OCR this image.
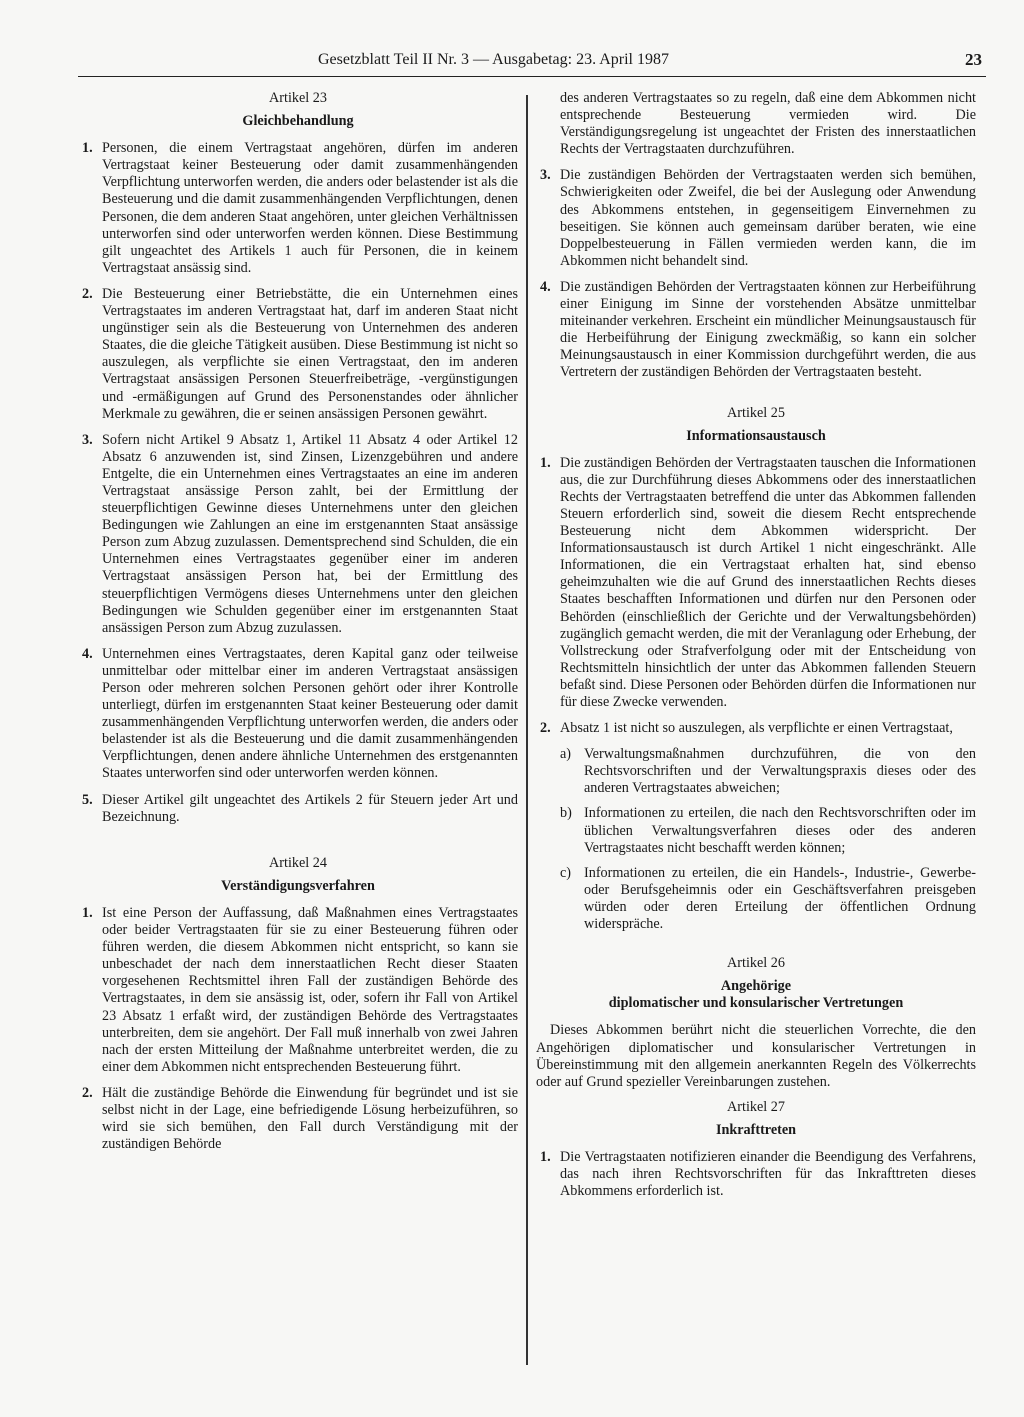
Gesetzblatt Teil II Nr. 3 — Ausgabetag: 23. April 1987	23
Artikel 23
Gleichbehandlung
1. Personen, die einem Vertragstaat angehören, dürfen im anderen Vertragstaat keiner Besteuerung oder damit zusammenhängenden Verpflichtung unterworfen werden, die anders oder belastender ist als die Besteuerung und die damit zusammenhängenden Verpflichtungen, denen Personen, die dem anderen Staat angehören, unter gleichen Verhältnissen unterworfen sind oder unterworfen werden können. Diese Bestimmung gilt ungeachtet des Artikels 1 auch für Personen, die in keinem Vertragstaat ansässig sind.
2. Die Besteuerung einer Betriebstätte, die ein Unternehmen eines Vertragstaates im anderen Vertragstaat hat, darf im anderen Staat nicht ungünstiger sein als die Besteuerung von Unternehmen des anderen Staates, die die gleiche Tätigkeit ausüben. Diese Bestimmung ist nicht so auszulegen, als verpflichte sie einen Vertragstaat, den im anderen Vertragstaat ansässigen Personen Steuerfreibeträge, -vergünstigungen und -ermäßigungen auf Grund des Personenstandes oder ähnlicher Merkmale zu gewähren, die er seinen ansässigen Personen gewährt.
3. Sofern nicht Artikel 9 Absatz 1, Artikel 11 Absatz 4 oder Artikel 12 Absatz 6 anzuwenden ist, sind Zinsen, Lizenzgebühren und andere Entgelte, die ein Unternehmen eines Vertragstaates an eine im anderen Vertragstaat ansässige Person zahlt, bei der Ermittlung der steuerpflichtigen Gewinne dieses Unternehmens unter den gleichen Bedingungen wie Zahlungen an eine im erstgenannten Staat ansässige Person zum Abzug zuzulassen. Dementsprechend sind Schulden, die ein Unternehmen eines Vertragstaates gegenüber einer im anderen Vertragstaat ansässigen Person hat, bei der Ermittlung des steuerpflichtigen Vermögens dieses Unternehmens unter den gleichen Bedingungen wie Schulden gegenüber einer im erstgenannten Staat ansässigen Person zum Abzug zuzulassen.
4. Unternehmen eines Vertragstaates, deren Kapital ganz oder teilweise unmittelbar oder mittelbar einer im anderen Vertragstaat ansässigen Person oder mehreren solchen Personen gehört oder ihrer Kontrolle unterliegt, dürfen im erstgenannten Staat keiner Besteuerung oder damit zusammenhängenden Verpflichtung unterworfen werden, die anders oder belastender ist als die Besteuerung und die damit zusammenhängenden Verpflichtungen, denen andere ähnliche Unternehmen des erstgenannten Staates unterworfen sind oder unterworfen werden können.
5. Dieser Artikel gilt ungeachtet des Artikels 2 für Steuern jeder Art und Bezeichnung.
Artikel 24
Verständigungsverfahren
1. Ist eine Person der Auffassung, daß Maßnahmen eines Vertragstaates oder beider Vertragstaaten für sie zu einer Besteuerung führen oder führen werden, die diesem Abkommen nicht entspricht, so kann sie unbeschadet der nach dem innerstaatlichen Recht dieser Staaten vorgesehenen Rechtsmittel ihren Fall der zuständigen Behörde des Vertragstaates, in dem sie ansässig ist, oder, sofern ihr Fall von Artikel 23 Absatz 1 erfaßt wird, der zuständigen Behörde des Vertragstaates unterbreiten, dem sie angehört. Der Fall muß innerhalb von zwei Jahren nach der ersten Mitteilung der Maßnahme unterbreitet werden, die zu einer dem Abkommen nicht entsprechenden Besteuerung führt.
2. Hält die zuständige Behörde die Einwendung für begründet und ist sie selbst nicht in der Lage, eine befriedigende Lösung herbeizuführen, so wird sie sich bemühen, den Fall durch Verständigung mit der zuständigen Behörde
des anderen Vertragstaates so zu regeln, daß eine dem Abkommen nicht entsprechende Besteuerung vermieden wird. Die Verständigungsregelung ist ungeachtet der Fristen des innerstaatlichen Rechts der Vertragstaaten durchzuführen.
3. Die zuständigen Behörden der Vertragstaaten werden sich bemühen, Schwierigkeiten oder Zweifel, die bei der Auslegung oder Anwendung des Abkommens entstehen, in gegenseitigem Einvernehmen zu beseitigen. Sie können auch gemeinsam darüber beraten, wie eine Doppelbesteuerung in Fällen vermieden werden kann, die im Abkommen nicht behandelt sind.
4. Die zuständigen Behörden der Vertragstaaten können zur Herbeiführung einer Einigung im Sinne der vorstehenden Absätze unmittelbar miteinander verkehren. Erscheint ein mündlicher Meinungsaustausch für die Herbeiführung der Einigung zweckmäßig, so kann ein solcher Meinungsaustausch in einer Kommission durchgeführt werden, die aus Vertretern der zuständigen Behörden der Vertragstaaten besteht.
Artikel 25
Informationsaustausch
1. Die zuständigen Behörden der Vertragstaaten tauschen die Informationen aus, die zur Durchführung dieses Abkommens oder des innerstaatlichen Rechts der Vertragstaaten betreffend die unter das Abkommen fallenden Steuern erforderlich sind, soweit die diesem Recht entsprechende Besteuerung nicht dem Abkommen widerspricht. Der Informationsaustausch ist durch Artikel 1 nicht eingeschränkt. Alle Informationen, die ein Vertragstaat erhalten hat, sind ebenso geheimzuhalten wie die auf Grund des innerstaatlichen Rechts dieses Staates beschafften Informationen und dürfen nur den Personen oder Behörden (einschließlich der Gerichte und der Verwaltungsbehörden) zugänglich gemacht werden, die mit der Veranlagung oder Erhebung, der Vollstreckung oder Strafverfolgung oder mit der Entscheidung von Rechtsmitteln hinsichtlich der unter das Abkommen fallenden Steuern befaßt sind. Diese Personen oder Behörden dürfen die Informationen nur für diese Zwecke verwenden.
2. Absatz 1 ist nicht so auszulegen, als verpflichte er einen Vertragstaat,
a) Verwaltungsmaßnahmen durchzuführen, die von den Rechtsvorschriften und der Verwaltungspraxis dieses oder des anderen Vertragstaates abweichen;
b) Informationen zu erteilen, die nach den Rechtsvorschriften oder im üblichen Verwaltungsverfahren dieses oder des anderen Vertragstaates nicht beschafft werden können;
c) Informationen zu erteilen, die ein Handels-, Industrie-, Gewerbe- oder Berufsgeheimnis oder ein Geschäftsverfahren preisgeben würden oder deren Erteilung der öffentlichen Ordnung widerspräche.
Artikel 26
Angehörige
diplomatischer und konsularischer Vertretungen
Dieses Abkommen berührt nicht die steuerlichen Vorrechte, die den Angehörigen diplomatischer und konsularischer Vertretungen in Übereinstimmung mit den allgemein anerkannten Regeln des Völkerrechts oder auf Grund spezieller Vereinbarungen zustehen.
Artikel 27
Inkrafttreten
1. Die Vertragstaaten notifizieren einander die Beendigung des Verfahrens, das nach ihren Rechtsvorschriften für das Inkrafttreten dieses Abkommens erforderlich ist.
